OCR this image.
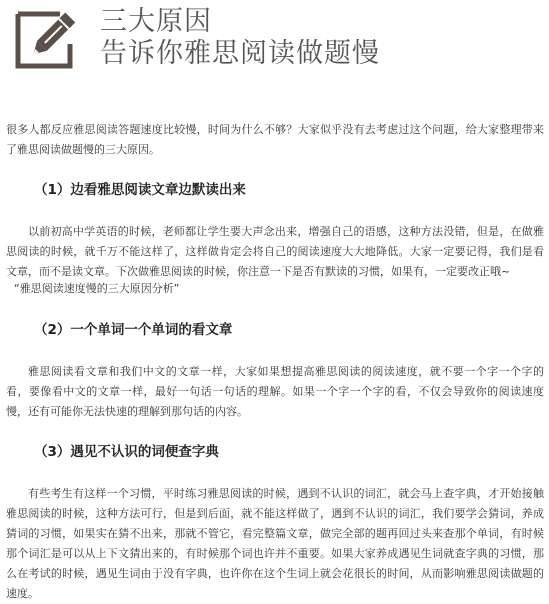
三大原因
告诉你雅思阅读做题慢

很多人都反应雅思阅读答题速度比较慢，时间为什么不够？大家似乎没有去考虑过这个问题，给大家整理带来了雅思阅读做题慢的三大原因。

（1）边看雅思阅读文章边默读出来

以前初高中学英语的时候，老师都让学生要大声念出来，增强自己的语感，这种方法没错，但是，在做雅思阅读的时候，就千万不能这样了，这样做肯定会将自己的阅读速度大大地降低。大家一定要记得，我们是看文章，而不是读文章。下次做雅思阅读的时候，你注意一下是否有默读的习惯，如果有，一定要改正哦~

“雅思阅读速度慢的三大原因分析”

（2）一个单词一个单词的看文章

雅思阅读看文章和我们中文的文章一样，大家如果想提高雅思阅读的阅读速度，就不要一个字一个字的看，要像看中文的文章一样，最好一句话一句话的理解。如果一个字一个字的看，不仅会导致你的阅读速度慢，还有可能你无法快速的理解到那句话的内容。

（3）遇见不认识的词便查字典

有些考生有这样一个习惯，平时练习雅思阅读的时候，遇到不认识的词汇，就会马上查字典，才开始接触雅思阅读的时候，这种方法可行，但是到后面，就不能这样做了，遇到不认识的词汇，我们要学会猜词，养成猜词的习惯，如果实在猜不出来，那就不管它，看完整篇文章，做完全部的题再回过头来查那个单词，有时候那个词汇是可以从上下文猜出来的，有时候那个词也许并不重要。如果大家养成遇见生词就查字典的习惯，那么在考试的时候，遇见生词由于没有字典，也许你在这个生词上就会花很长的时间，从而影响雅思阅读做题的速度。
